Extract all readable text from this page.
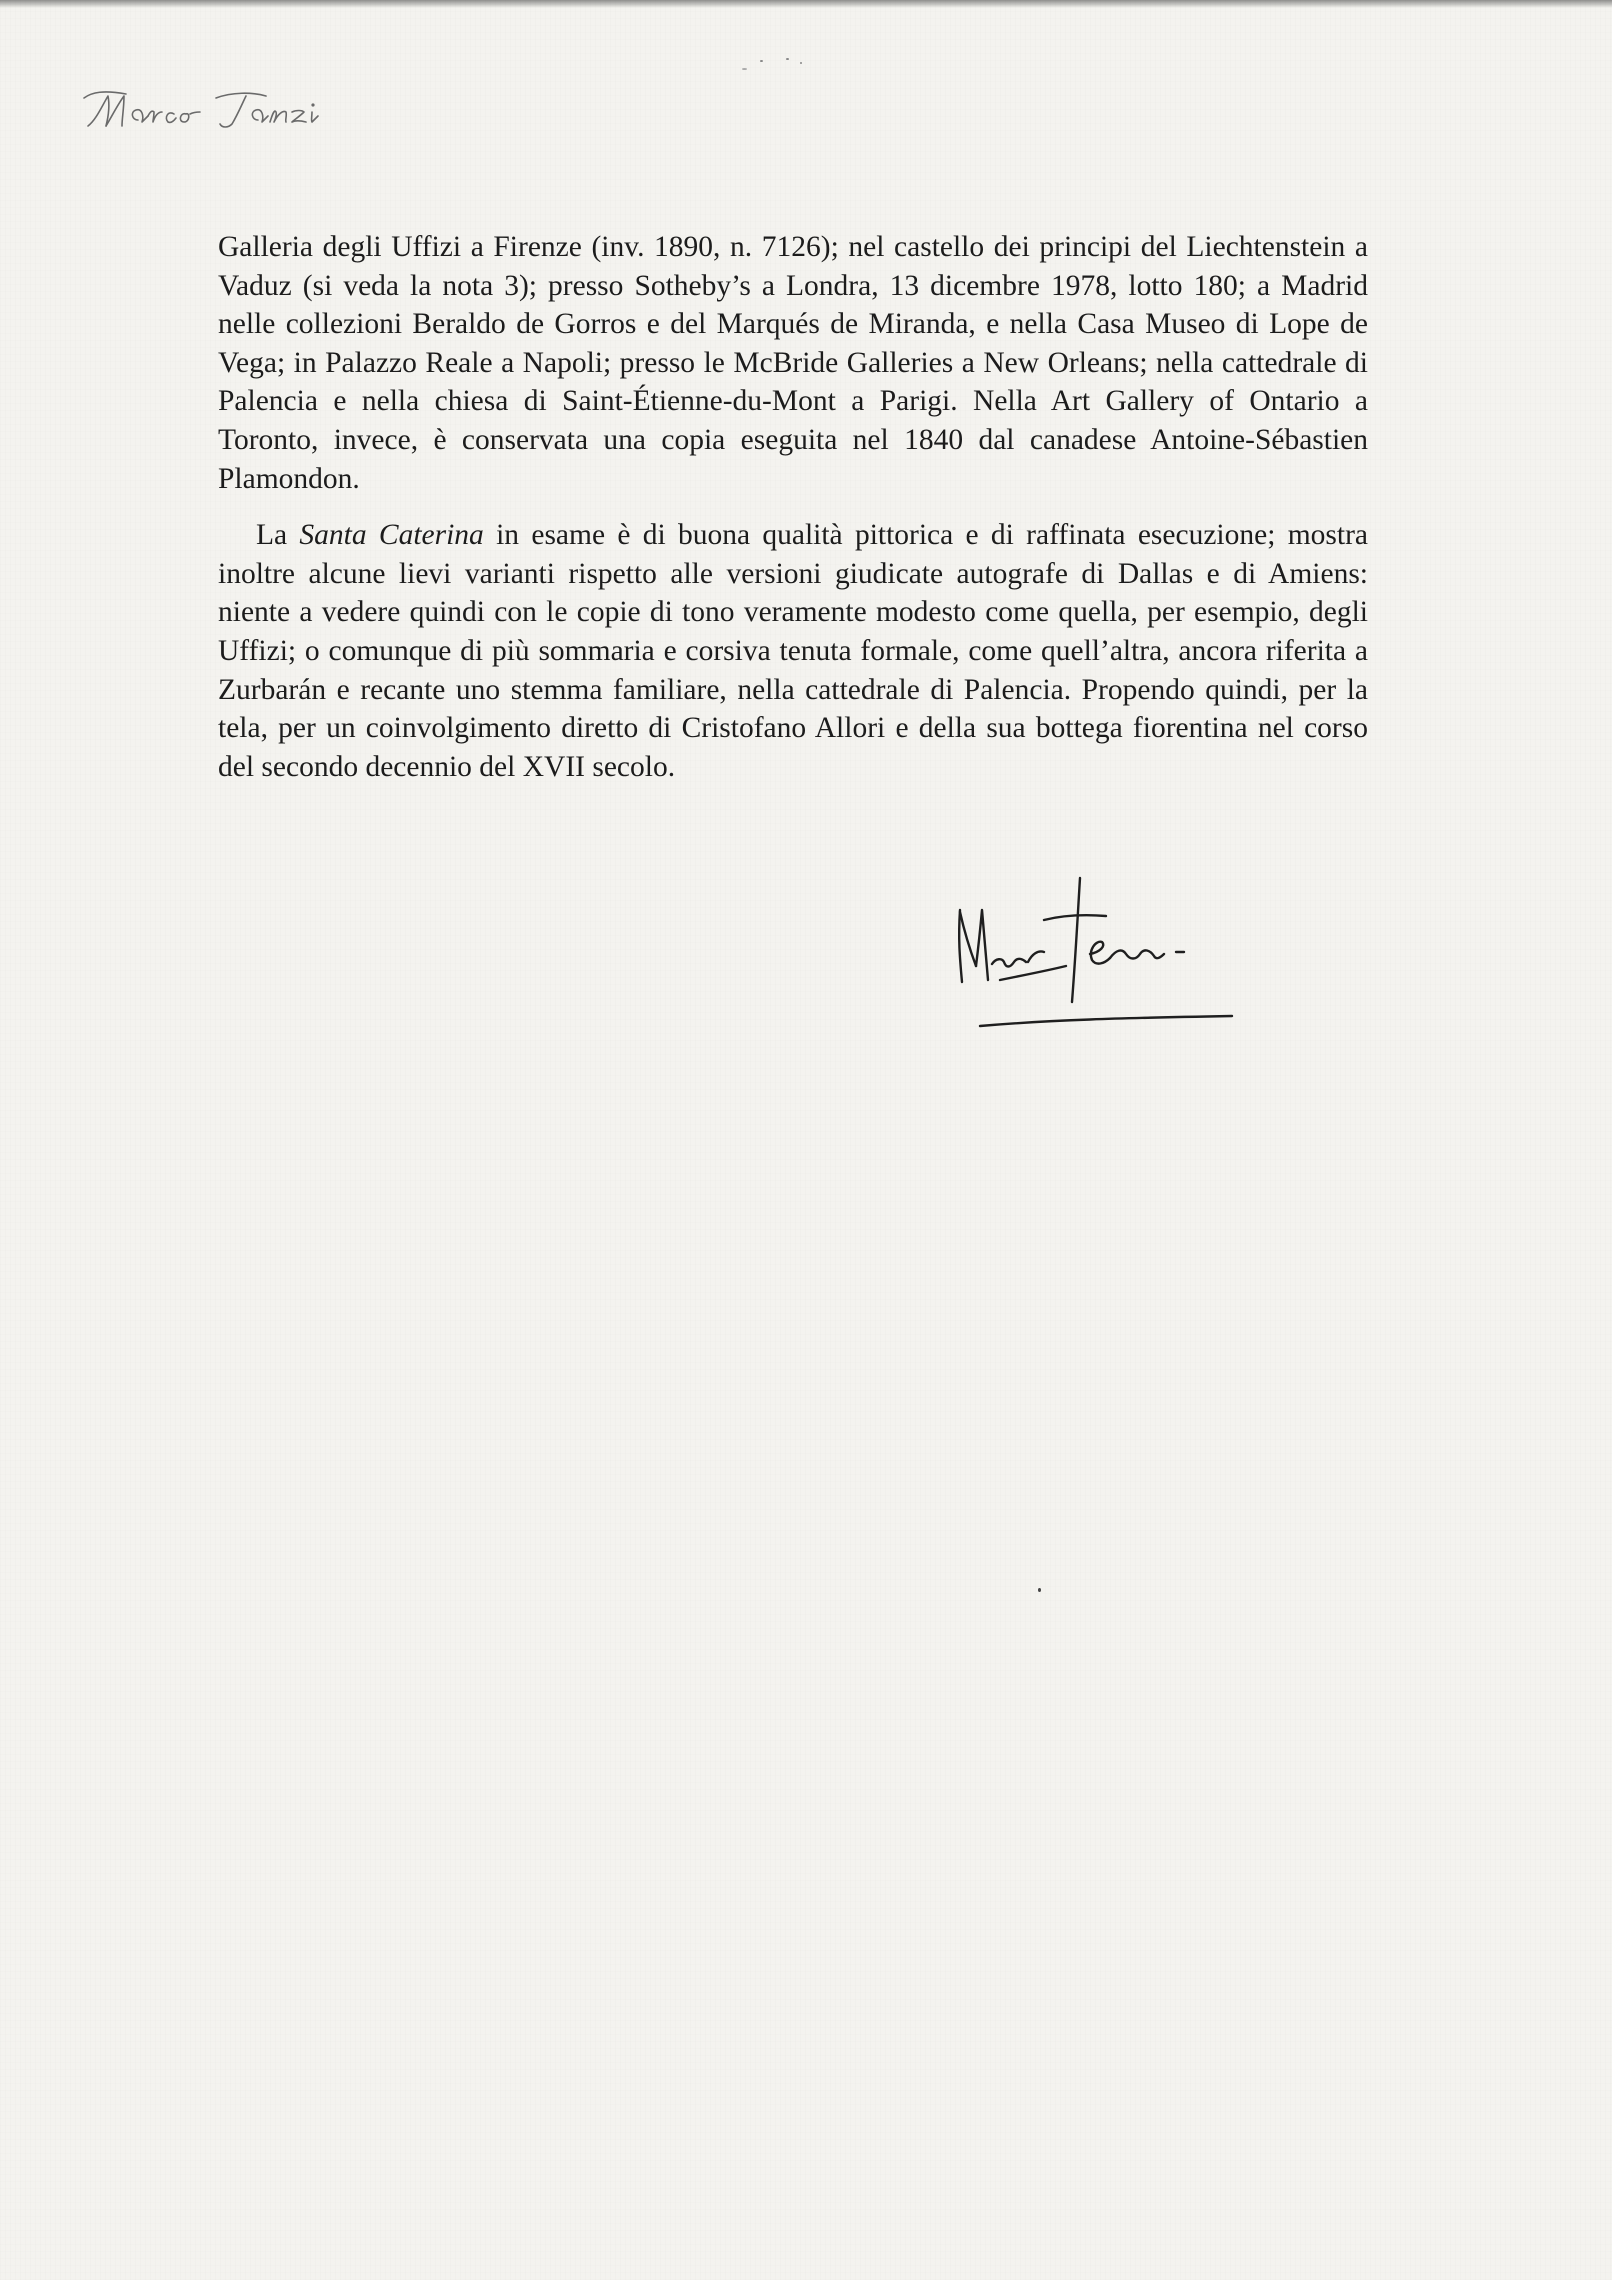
Galleria degli Uffizi a Firenze (inv. 1890, n. 7126); nel castello dei principi del Liechtenstein a Vaduz (si veda la nota 3); presso Sotheby’s a Londra, 13 dicembre 1978, lotto 180; a Madrid nelle collezioni Beraldo de Gorros e del Marqués de Miranda, e nella Casa Museo di Lope de Vega; in Palazzo Reale a Napoli; presso le McBride Galleries a New Orleans; nella cattedrale di Palencia e nella chiesa di Saint-Étienne-du-Mont a Parigi. Nella Art Gallery of Ontario a Toronto, invece, è conservata una copia eseguita nel 1840 dal canadese Antoine-Sébastien Plamondon.

La Santa Caterina in esame è di buona qualità pittorica e di raffinata esecuzione; mostra inoltre alcune lievi varianti rispetto alle versioni giudicate autografe di Dallas e di Amiens: niente a vedere quindi con le copie di tono veramente modesto come quella, per esempio, degli Uffizi; o comunque di più sommaria e corsiva tenuta formale, come quell’altra, ancora riferita a Zurbarán e recante uno stemma familiare, nella cattedrale di Palencia. Propendo quindi, per la tela, per un coinvolgimento diretto di Cristofano Allori e della sua bottega fiorentina nel corso del secondo decennio del XVII secolo.
